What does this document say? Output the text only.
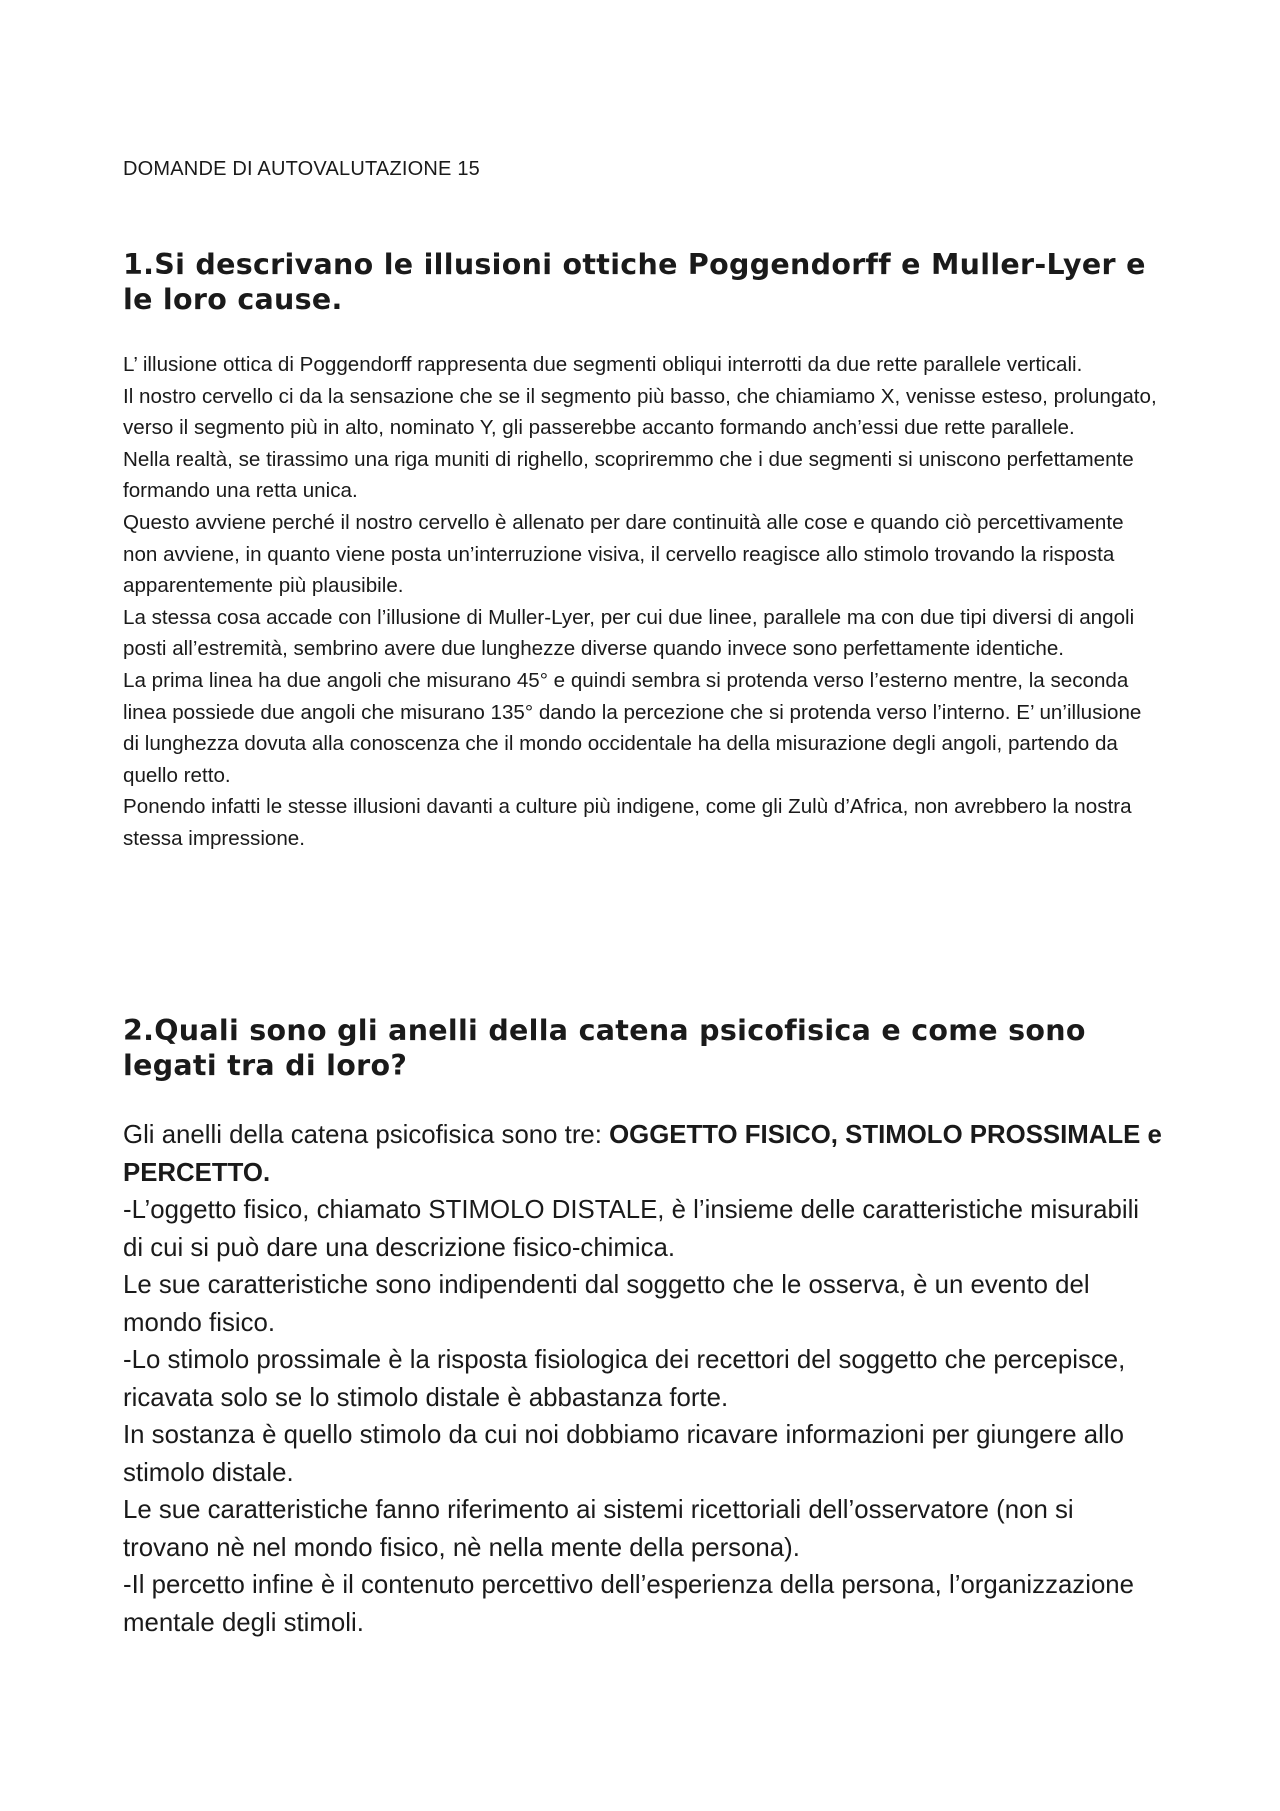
DOMANDE DI AUTOVALUTAZIONE 15

1.Si descrivano le illusioni ottiche Poggendorff e Muller-Lyer e le loro cause.

L’ illusione ottica di Poggendorff rappresenta due segmenti obliqui interrotti da due rette parallele verticali.

Il nostro cervello ci da la sensazione che se il segmento più basso, che chiamiamo X, venisse esteso, prolungato, verso il segmento più in alto, nominato Y, gli passerebbe accanto formando anch’essi due rette parallele.

Nella realtà, se tirassimo una riga muniti di righello, scopriremmo che i due segmenti si uniscono perfettamente formando una retta unica.

Questo avviene perché il nostro cervello è allenato per dare continuità alle cose e quando ciò percettivamente non avviene, in quanto viene posta un’interruzione visiva, il cervello reagisce allo stimolo trovando la risposta apparentemente più plausibile.

La stessa cosa accade con l’illusione di Muller-Lyer, per cui due linee, parallele ma con due tipi diversi di angoli posti all’estremità, sembrino avere due lunghezze diverse quando invece sono perfettamente identiche.

La prima linea ha due angoli che misurano 45° e quindi sembra si protenda verso l’esterno mentre, la seconda linea possiede due angoli che misurano 135° dando la percezione che si protenda verso l’interno. E’ un’illusione di lunghezza dovuta alla conoscenza che il mondo occidentale ha della misurazione degli angoli, partendo da quello retto.

Ponendo infatti le stesse illusioni davanti a culture più indigene, come gli Zulù d’Africa, non avrebbero la nostra stessa impressione.

2.Quali sono gli anelli della catena psicofisica e come sono legati tra di loro?

Gli anelli della catena psicofisica sono tre: OGGETTO FISICO, STIMOLO PROSSIMALE e PERCETTO.

-L’oggetto fisico, chiamato STIMOLO DISTALE, è l’insieme delle caratteristiche misurabili di cui si può dare una descrizione fisico-chimica.

Le sue caratteristiche sono indipendenti dal soggetto che le osserva, è un evento del mondo fisico.

-Lo stimolo prossimale è la risposta fisiologica dei recettori del soggetto che percepisce, ricavata solo se lo stimolo distale è abbastanza forte.

In sostanza è quello stimolo da cui noi dobbiamo ricavare informazioni per giungere allo stimolo distale.

Le sue caratteristiche fanno riferimento ai sistemi ricettoriali dell’osservatore (non si trovano nè nel mondo fisico, nè nella mente della persona).

-Il percetto infine è il contenuto percettivo dell’esperienza della persona, l’organizzazione mentale degli stimoli.
